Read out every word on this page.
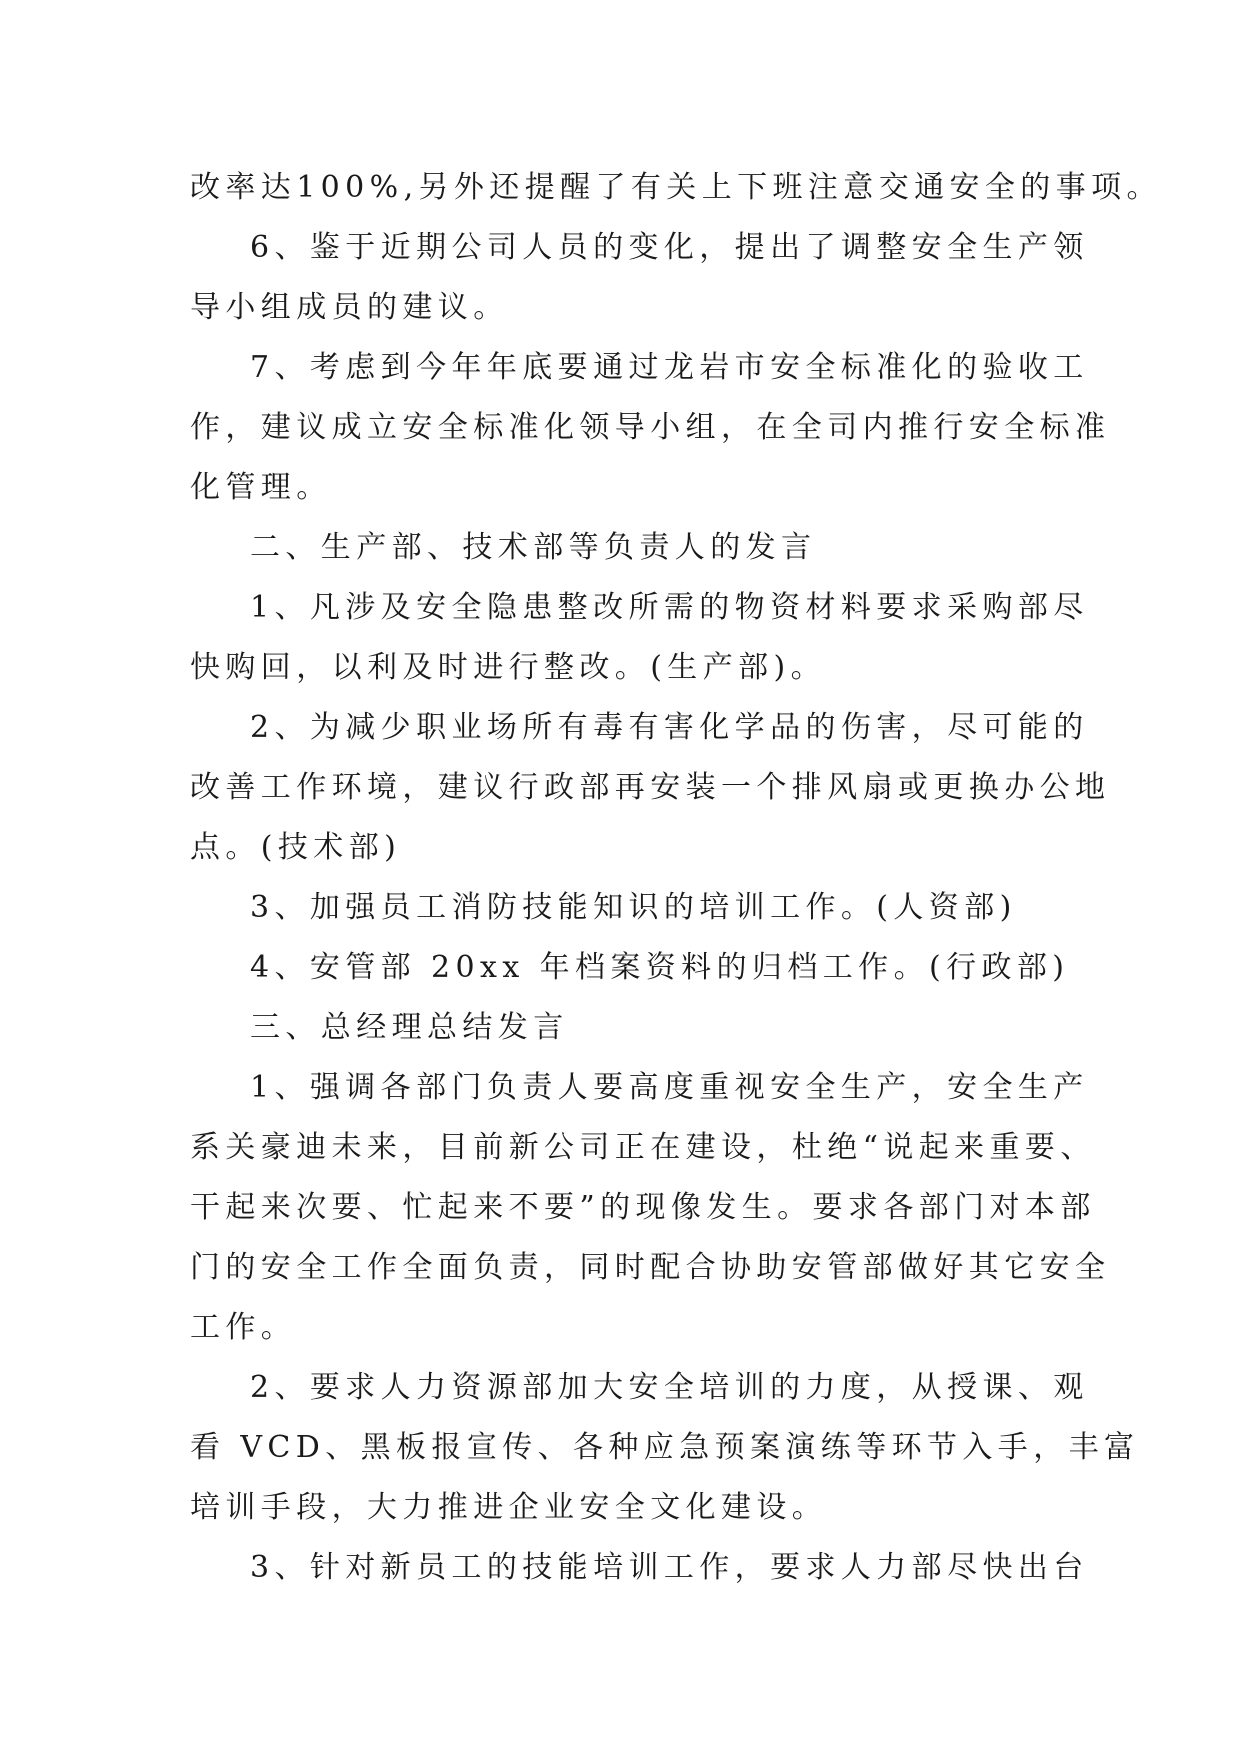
改率达100%,另外还提醒了有关上下班注意交通安全的事项。
6、鉴于近期公司人员的变化，提出了调整安全生产领
导小组成员的建议。
7、考虑到今年年底要通过龙岩市安全标准化的验收工
作，建议成立安全标准化领导小组，在全司内推行安全标准
化管理。
二、生产部、技术部等负责人的发言
1、凡涉及安全隐患整改所需的物资材料要求采购部尽
快购回，以利及时进行整改。(生产部)。
2、为减少职业场所有毒有害化学品的伤害，尽可能的
改善工作环境，建议行政部再安装一个排风扇或更换办公地
点。(技术部)
3、加强员工消防技能知识的培训工作。(人资部)
4、安管部 20xx 年档案资料的归档工作。(行政部)
三、总经理总结发言
1、强调各部门负责人要高度重视安全生产，安全生产
系关豪迪未来，目前新公司正在建设，杜绝“说起来重要、
干起来次要、忙起来不要”的现像发生。要求各部门对本部
门的安全工作全面负责，同时配合协助安管部做好其它安全
工作。
2、要求人力资源部加大安全培训的力度，从授课、观
看 VCD、黑板报宣传、各种应急预案演练等环节入手，丰富
培训手段，大力推进企业安全文化建设。
3、针对新员工的技能培训工作，要求人力部尽快出台
